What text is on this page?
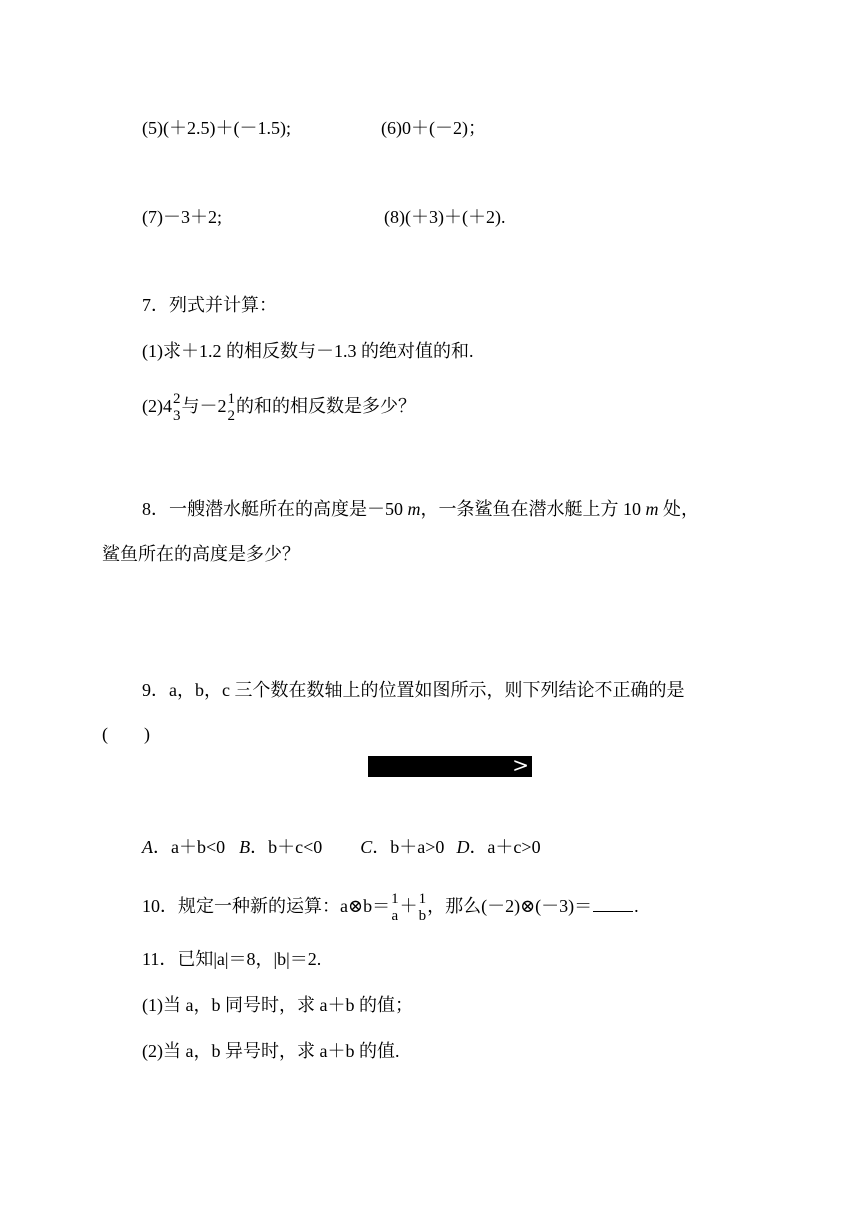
(5)(＋2.5)＋(－1.5);	(6)0＋(－2)；
(7)－3＋2;	(8)(＋3)＋(＋2).
7．列式并计算：
(1)求＋1.2 的相反数与－1.3 的绝对值的和.
(2)4 2
3 与－2 1
2 的和的相反数是多少？
8．一艘潜水艇所在的高度是－50 m，一条鲨鱼在潜水艇上方 10 m 处，
鲨鱼所在的高度是多少？
9．a，b，c 三个数在数轴上的位置如图所示，则下列结论不正确的是
(　　)
>
A．a＋b<0 B．b＋c<0 C．b＋a>0 D．a＋c>0
10．规定一种新的运算：a⊗b＝ 1
a ＋ 1
b ，那么(－2)⊗(－3)＝ .
11．已知|a|＝8，|b|＝2.
(1)当 a，b 同号时，求 a＋b 的值；
(2)当 a，b 异号时，求 a＋b 的值.
